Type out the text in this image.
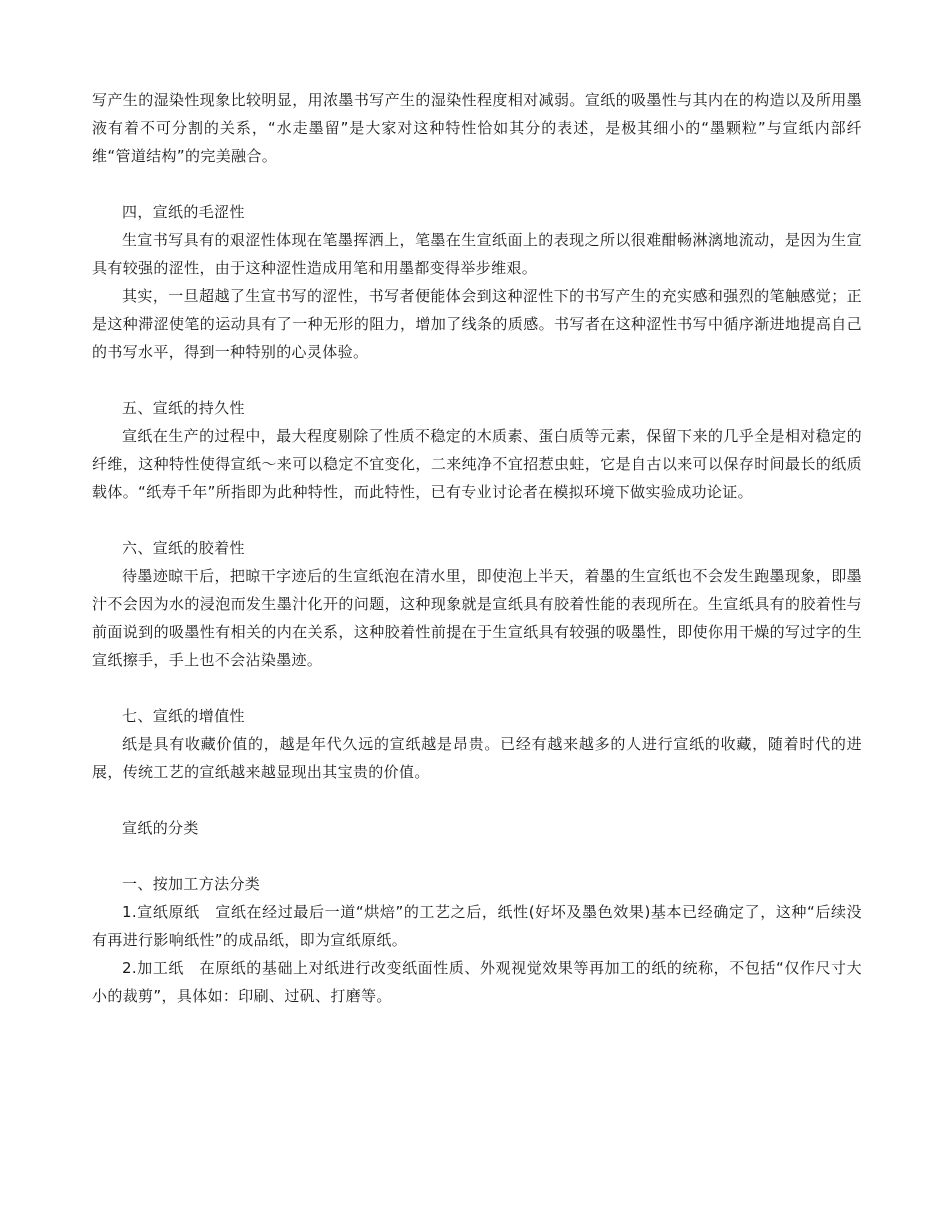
写产生的湿染性现象比较明显，用浓墨书写产生的湿染性程度相对减弱。宣纸的吸墨性与其内在的构造以及所用墨液有着不可分割的关系，“水走墨留”是大家对这种特性恰如其分的表述，是极其细小的“墨颗粒”与宣纸内部纤维“管道结构”的完美融合。

四，宣纸的毛涩性

生宣书写具有的艰涩性体现在笔墨挥洒上，笔墨在生宣纸面上的表现之所以很难酣畅淋漓地流动，是因为生宣具有较强的涩性，由于这种涩性造成用笔和用墨都变得举步维艰。

其实，一旦超越了生宣书写的涩性，书写者便能体会到这种涩性下的书写产生的充实感和强烈的笔触感觉；正是这种滞涩使笔的运动具有了一种无形的阻力，增加了线条的质感。书写者在这种涩性书写中循序渐进地提高自己的书写水平，得到一种特别的心灵体验。

五、宣纸的持久性

宣纸在生产的过程中，最大程度剔除了性质不稳定的木质素、蛋白质等元素，保留下来的几乎全是相对稳定的纤维，这种特性使得宣纸～来可以稳定不宜变化，二来纯净不宜招惹虫蛀，它是自古以来可以保存时间最长的纸质载体。“纸寿千年”所指即为此种特性，而此特性，已有专业讨论者在模拟环境下做实验成功论证。

六、宣纸的胶着性

待墨迹晾干后，把晾干字迹后的生宣纸泡在清水里，即使泡上半天，着墨的生宣纸也不会发生跑墨现象，即墨汁不会因为水的浸泡而发生墨汁化开的问题，这种现象就是宣纸具有胶着性能的表现所在。生宣纸具有的胶着性与前面说到的吸墨性有相关的内在关系，这种胶着性前提在于生宣纸具有较强的吸墨性，即使你用干燥的写过字的生宣纸擦手，手上也不会沾染墨迹。

七、宣纸的增值性

纸是具有收藏价值的，越是年代久远的宣纸越是昂贵。已经有越来越多的人进行宣纸的收藏，随着时代的进展，传统工艺的宣纸越来越显现出其宝贵的价值。

宣纸的分类

一、按加工方法分类

1.宣纸原纸　宣纸在经过最后一道“烘焙”的工艺之后，纸性(好坏及墨色效果)基本已经确定了，这种“后续没有再进行影响纸性”的成品纸，即为宣纸原纸。

2.加工纸　在原纸的基础上对纸进行改变纸面性质、外观视觉效果等再加工的纸的统称，不包括“仅作尺寸大小的裁剪”，具体如：印刷、过矾、打磨等。
